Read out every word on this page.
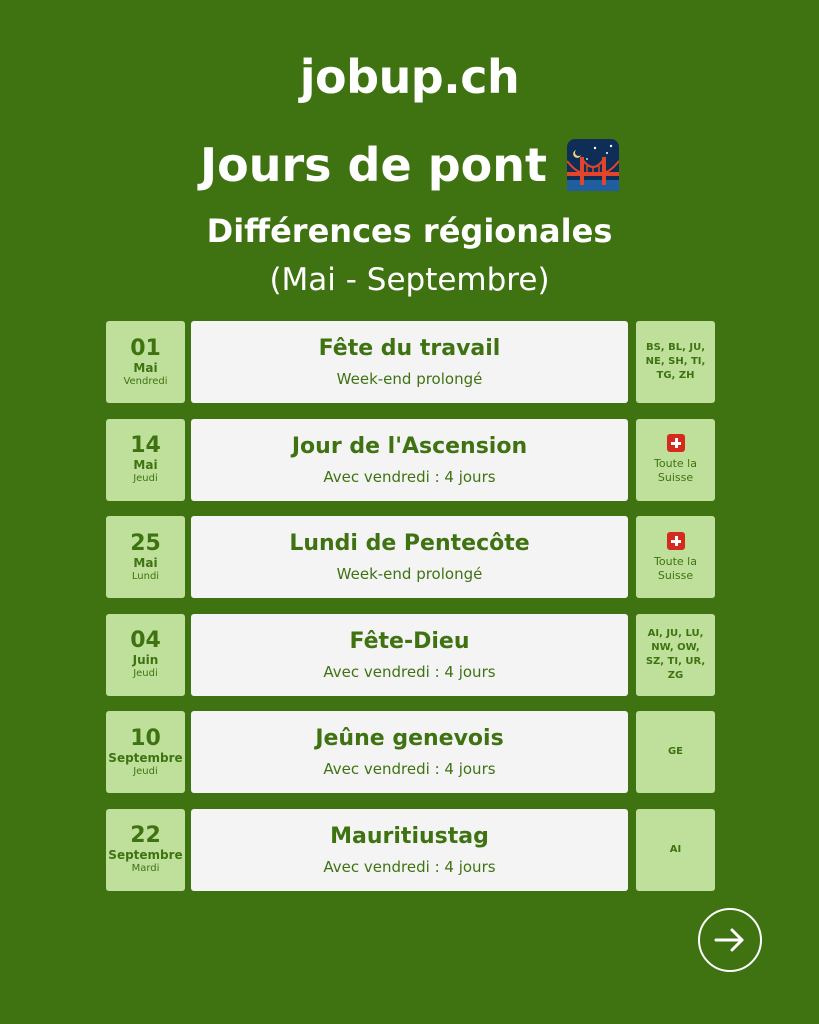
jobup.ch
Jours de pont
Différences régionales
(Mai - Septembre)
01
Mai
Vendredi
Fête du travail
Week-end prolongé
BS, BL, JU, NE, SH, TI, TG, ZH
14
Mai
Jeudi
Jour de l'Ascension
Avec vendredi : 4 jours
Toute la Suisse
25
Mai
Lundi
Lundi de Pentecôte
Week-end prolongé
Toute la Suisse
04
Juin
Jeudi
Fête-Dieu
Avec vendredi : 4 jours
AI, JU, LU, NW, OW, SZ, TI, UR, ZG
10
Septembre
Jeudi
Jeûne genevois
Avec vendredi : 4 jours
GE
22
Septembre
Mardi
Mauritiustag
Avec vendredi : 4 jours
AI
